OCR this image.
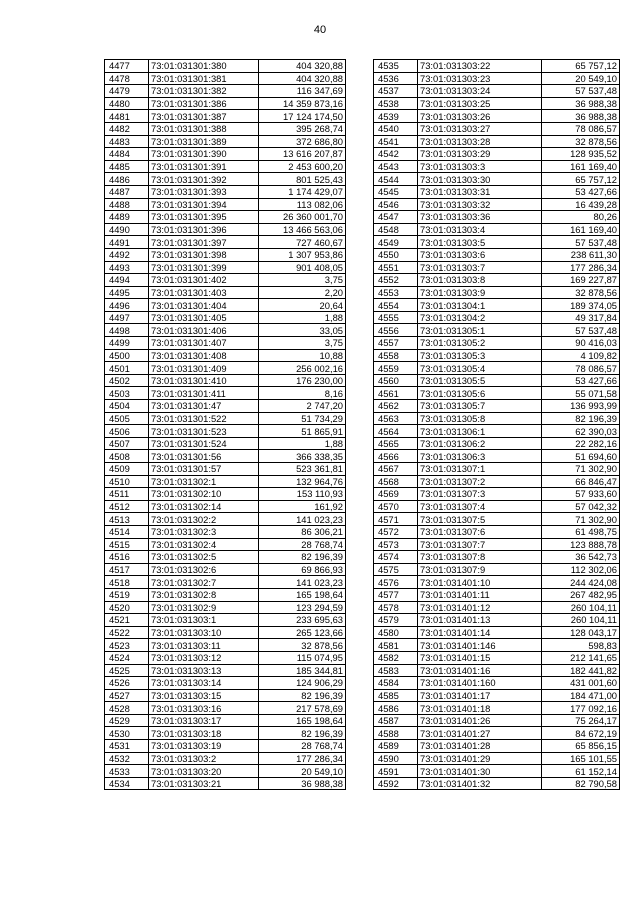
40
4477	73:01:031301:380	404 320,88
4478	73:01:031301:381	404 320,88
4479	73:01:031301:382	116 347,69
4480	73:01:031301:386	14 359 873,16
4481	73:01:031301:387	17 124 174,50
4482	73:01:031301:388	395 268,74
4483	73:01:031301:389	372 686,80
4484	73:01:031301:390	13 616 207,87
4485	73:01:031301:391	2 453 600,20
4486	73:01:031301:392	801 525,43
4487	73:01:031301:393	1 174 429,07
4488	73:01:031301:394	113 082,06
4489	73:01:031301:395	26 360 001,70
4490	73:01:031301:396	13 466 563,06
4491	73:01:031301:397	727 460,67
4492	73:01:031301:398	1 307 953,86
4493	73:01:031301:399	901 408,05
4494	73:01:031301:402	3,75
4495	73:01:031301:403	2,20
4496	73:01:031301:404	20,64
4497	73:01:031301:405	1,88
4498	73:01:031301:406	33,05
4499	73:01:031301:407	3,75
4500	73:01:031301:408	10,88
4501	73:01:031301:409	256 002,16
4502	73:01:031301:410	176 230,00
4503	73:01:031301:411	8,16
4504	73:01:031301:47	2 747,20
4505	73:01:031301:522	51 734,29
4506	73:01:031301:523	51 865,91
4507	73:01:031301:524	1,88
4508	73:01:031301:56	366 338,35
4509	73:01:031301:57	523 361,81
4510	73:01:031302:1	132 964,76
4511	73:01:031302:10	153 110,93
4512	73:01:031302:14	161,92
4513	73:01:031302:2	141 023,23
4514	73:01:031302:3	86 306,21
4515	73:01:031302:4	28 768,74
4516	73:01:031302:5	82 196,39
4517	73:01:031302:6	69 866,93
4518	73:01:031302:7	141 023,23
4519	73:01:031302:8	165 198,64
4520	73:01:031302:9	123 294,59
4521	73:01:031303:1	233 695,63
4522	73:01:031303:10	265 123,66
4523	73:01:031303:11	32 878,56
4524	73:01:031303:12	115 074,95
4525	73:01:031303:13	185 344,81
4526	73:01:031303:14	124 906,29
4527	73:01:031303:15	82 196,39
4528	73:01:031303:16	217 578,69
4529	73:01:031303:17	165 198,64
4530	73:01:031303:18	82 196,39
4531	73:01:031303:19	28 768,74
4532	73:01:031303:2	177 286,34
4533	73:01:031303:20	20 549,10
4534	73:01:031303:21	36 988,38
4535	73:01:031303:22	65 757,12
4536	73:01:031303:23	20 549,10
4537	73:01:031303:24	57 537,48
4538	73:01:031303:25	36 988,38
4539	73:01:031303:26	36 988,38
4540	73:01:031303:27	78 086,57
4541	73:01:031303:28	32 878,56
4542	73:01:031303:29	128 935,52
4543	73:01:031303:3	161 169,40
4544	73:01:031303:30	65 757,12
4545	73:01:031303:31	53 427,66
4546	73:01:031303:32	16 439,28
4547	73:01:031303:36	80,26
4548	73:01:031303:4	161 169,40
4549	73:01:031303:5	57 537,48
4550	73:01:031303:6	238 611,30
4551	73:01:031303:7	177 286,34
4552	73:01:031303:8	169 227,87
4553	73:01:031303:9	32 878,56
4554	73:01:031304:1	189 374,05
4555	73:01:031304:2	49 317,84
4556	73:01:031305:1	57 537,48
4557	73:01:031305:2	90 416,03
4558	73:01:031305:3	4 109,82
4559	73:01:031305:4	78 086,57
4560	73:01:031305:5	53 427,66
4561	73:01:031305:6	55 071,58
4562	73:01:031305:7	136 993,99
4563	73:01:031305:8	82 196,39
4564	73:01:031306:1	62 390,03
4565	73:01:031306:2	22 282,16
4566	73:01:031306:3	51 694,60
4567	73:01:031307:1	71 302,90
4568	73:01:031307:2	66 846,47
4569	73:01:031307:3	57 933,60
4570	73:01:031307:4	57 042,32
4571	73:01:031307:5	71 302,90
4572	73:01:031307:6	61 498,75
4573	73:01:031307:7	123 888,78
4574	73:01:031307:8	36 542,73
4575	73:01:031307:9	112 302,06
4576	73:01:031401:10	244 424,08
4577	73:01:031401:11	267 482,95
4578	73:01:031401:12	260 104,11
4579	73:01:031401:13	260 104,11
4580	73:01:031401:14	128 043,17
4581	73:01:031401:146	598,83
4582	73:01:031401:15	212 141,65
4583	73:01:031401:16	182 441,82
4584	73:01:031401:160	431 001,60
4585	73:01:031401:17	184 471,00
4586	73:01:031401:18	177 092,16
4587	73:01:031401:26	75 264,17
4588	73:01:031401:27	84 672,19
4589	73:01:031401:28	65 856,15
4590	73:01:031401:29	165 101,55
4591	73:01:031401:30	61 152,14
4592	73:01:031401:32	82 790,58
